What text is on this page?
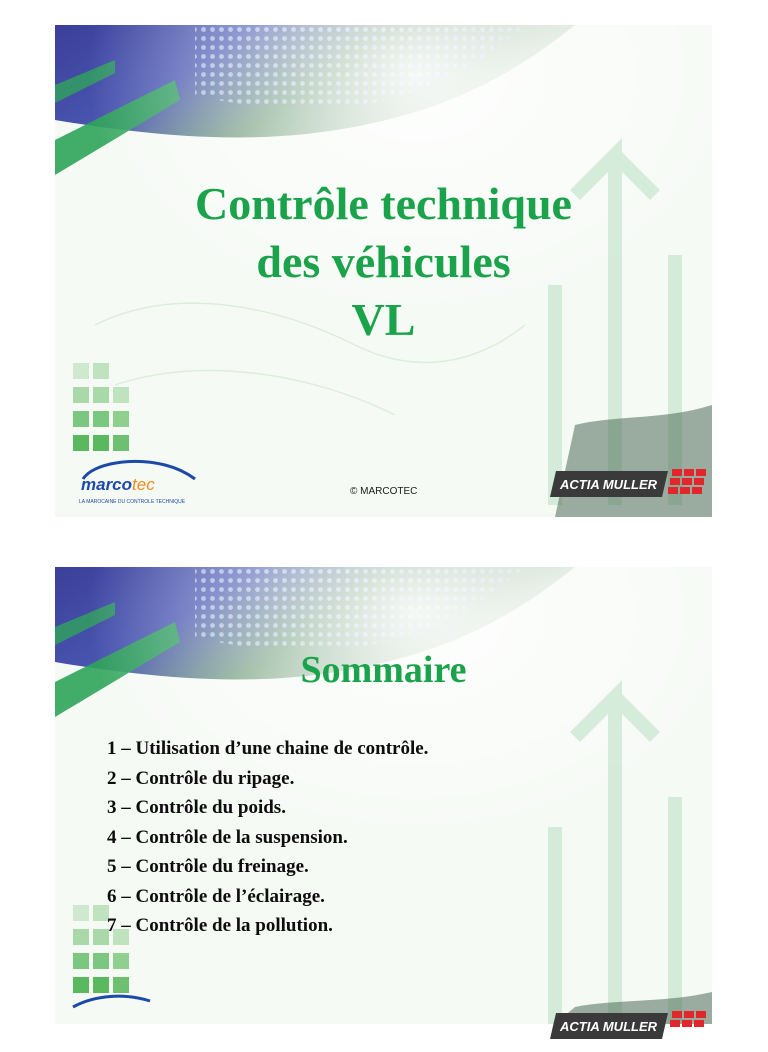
Contrôle technique
des véhicules
VL
marcotec
LA MAROCAINE DU CONTROLE TECHNIQUE
© MARCOTEC	ACTIA MULLER
Sommaire
1 – Utilisation d’une chaine de contrôle.
2 – Contrôle du ripage.
3 – Contrôle du poids.
4 – Contrôle de la suspension.
5 – Contrôle du freinage.
6 – Contrôle de l’éclairage.
7 – Contrôle de la pollution.
ACTIA MULLER
